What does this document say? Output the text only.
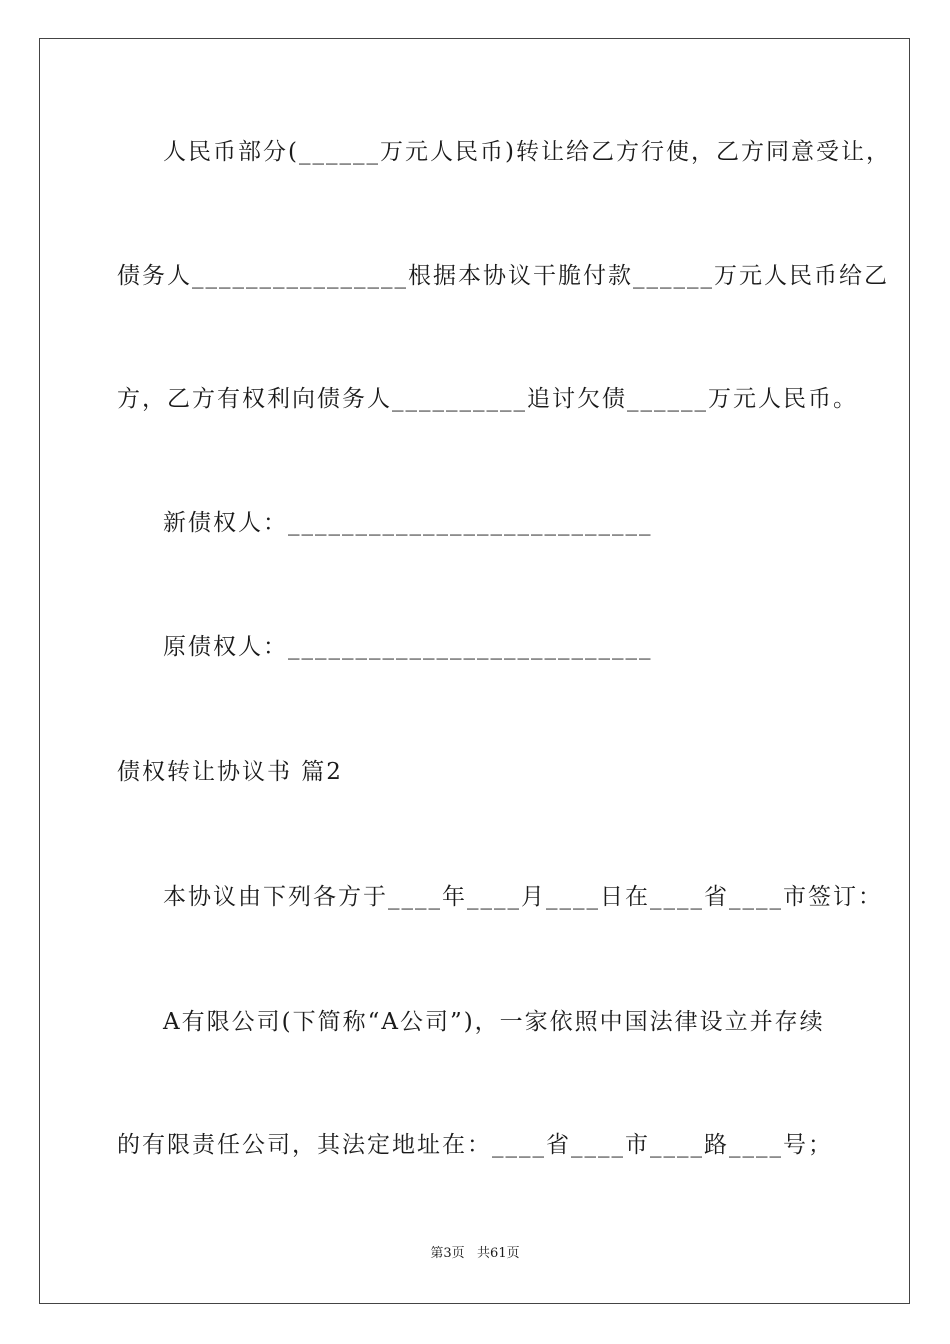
人民币部分(______万元人民币)转让给乙方行使，乙方同意受让，
债务人________________根据本协议干脆付款______万元人民币给乙
方，乙方有权利向债务人__________追讨欠债______万元人民币。
新债权人：___________________________
原债权人：___________________________
债权转让协议书 篇2
本协议由下列各方于____年____月____日在____省____市签订：
A有限公司(下简称“A公司”)，一家依照中国法律设立并存续
的有限责任公司，其法定地址在：____省____市____路____号；
第3页   共61页
